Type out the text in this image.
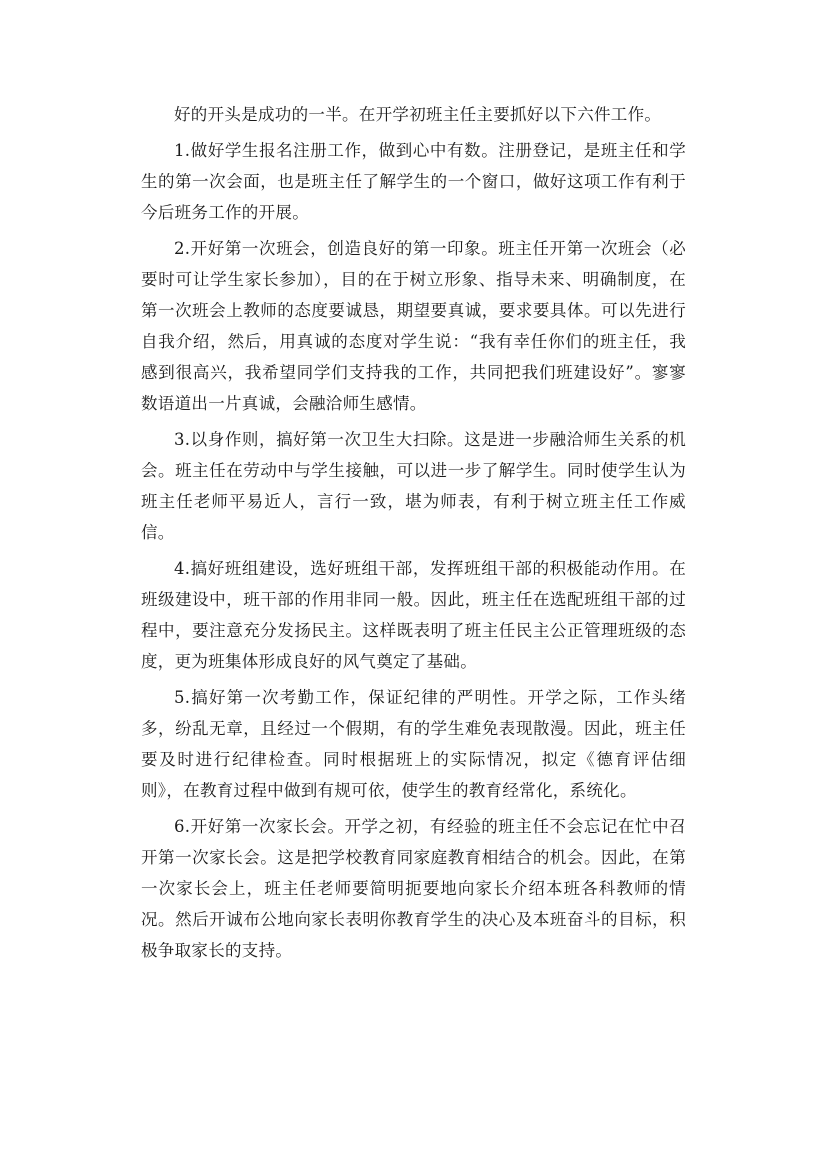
好的开头是成功的一半。在开学初班主任主要抓好以下六件工作。

1.做好学生报名注册工作，做到心中有数。注册登记，是班主任和学生的第一次会面，也是班主任了解学生的一个窗口，做好这项工作有利于今后班务工作的开展。

2.开好第一次班会，创造良好的第一印象。班主任开第一次班会（必要时可让学生家长参加），目的在于树立形象、指导未来、明确制度，在第一次班会上教师的态度要诚恳，期望要真诚，要求要具体。可以先进行自我介绍，然后，用真诚的态度对学生说：“我有幸任你们的班主任，我感到很高兴，我希望同学们支持我的工作，共同把我们班建设好”。寥寥数语道出一片真诚，会融洽师生感情。

3.以身作则，搞好第一次卫生大扫除。这是进一步融洽师生关系的机会。班主任在劳动中与学生接触，可以进一步了解学生。同时使学生认为班主任老师平易近人，言行一致，堪为师表，有利于树立班主任工作威信。

4.搞好班组建设，选好班组干部，发挥班组干部的积极能动作用。在班级建设中，班干部的作用非同一般。因此，班主任在选配班组干部的过程中，要注意充分发扬民主。这样既表明了班主任民主公正管理班级的态度，更为班集体形成良好的风气奠定了基础。

5.搞好第一次考勤工作，保证纪律的严明性。开学之际，工作头绪多，纷乱无章，且经过一个假期，有的学生难免表现散漫。因此，班主任要及时进行纪律检查。同时根据班上的实际情况，拟定《德育评估细则》，在教育过程中做到有规可依，使学生的教育经常化，系统化。

6.开好第一次家长会。开学之初，有经验的班主任不会忘记在忙中召开第一次家长会。这是把学校教育同家庭教育相结合的机会。因此，在第一次家长会上，班主任老师要简明扼要地向家长介绍本班各科教师的情况。然后开诚布公地向家长表明你教育学生的决心及本班奋斗的目标，积极争取家长的支持。
